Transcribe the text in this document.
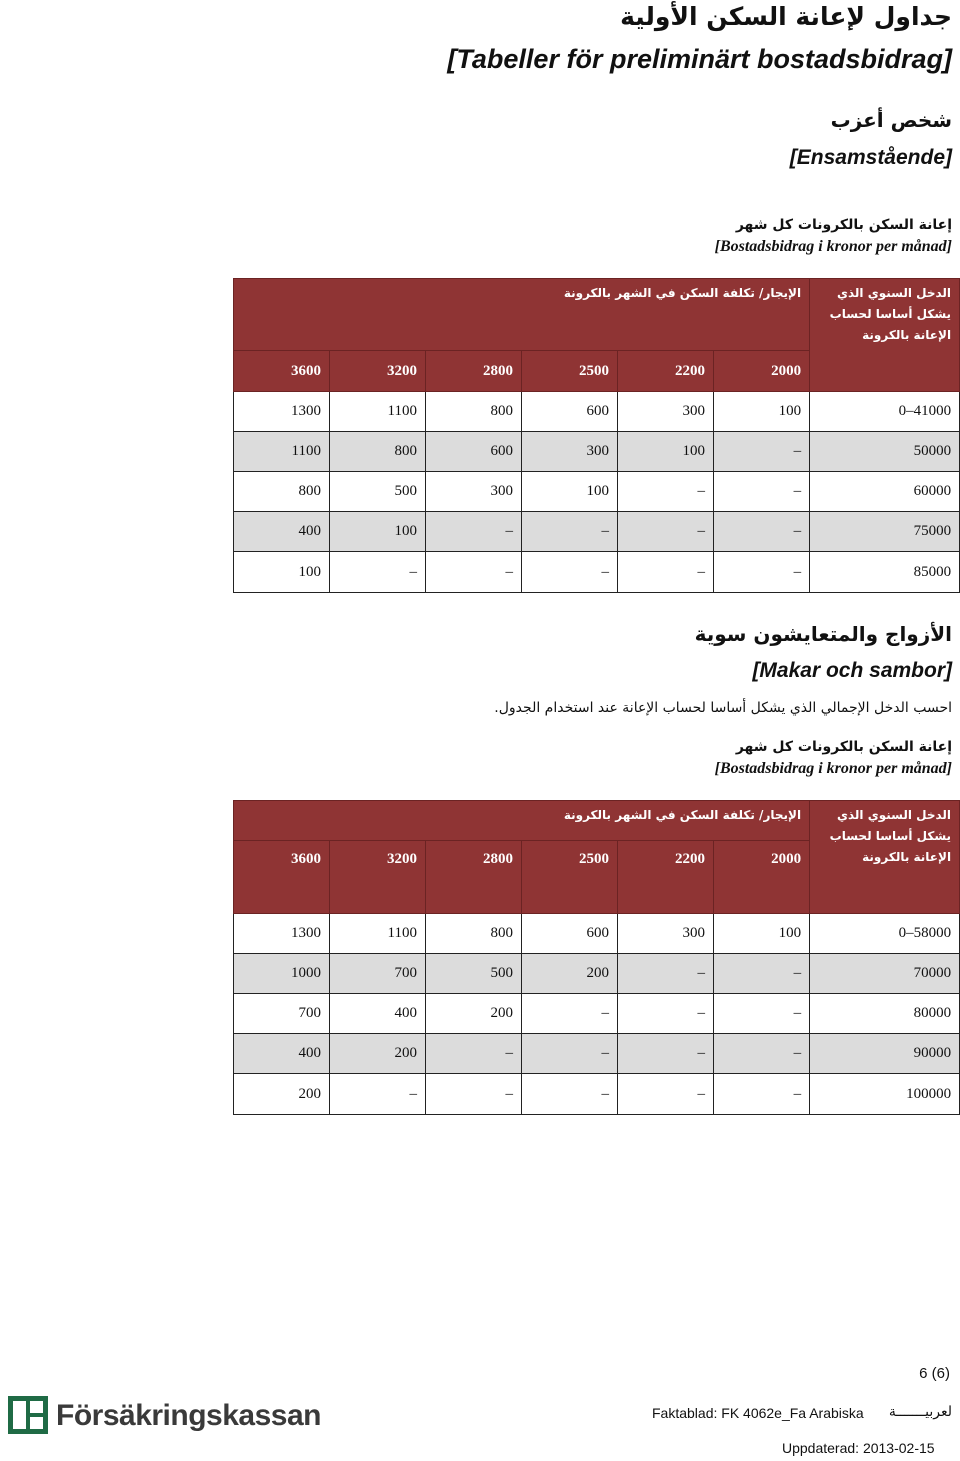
جداول لإعانة السكن الأولية
[Tabeller för preliminärt bostadsbidrag]
شخص أعزب
[Ensamstående]
إعانة السكن بالكرونات كل شهر
[Bostadsbidrag i kronor per månad]
الإيجار/ تكلفة السكن في الشهر بالكرونة						الدخل السنوي الذي يشكل أساسا لحساب الإعانة بالكرونة
3600	3200	2800	2500	2200	2000	
1300	1100	800	600	300	100	0–41000
1100	800	600	300	100	–	50000
800	500	300	100	–	–	60000
400	100	–	–	–	–	75000
100	–	–	–	–	–	85000
الأزواج والمتعايشون سوية
[Makar och sambor]
احسب الدخل الإجمالي الذي يشكل أساسا لحساب الإعانة عند استخدام الجدول.
إعانة السكن بالكرونات كل شهر
[Bostadsbidrag i kronor per månad]
الإيجار/ تكلفة السكن في الشهر بالكرونة						الدخل السنوي الذي يشكل أساسا لحساب الإعانة بالكرونة
3600	3200	2800	2500	2200	2000	
1300	1100	800	600	300	100	0–58000
1000	700	500	200	–	–	70000
700	400	200	–	–	–	80000
400	200	–	–	–	–	90000
200	–	–	–	–	–	100000
6 (6)
Försäkringskassan	Faktablad: FK 4062e_Fa Arabiska لعربيـــــــة
Uppdaterad: 2013-02-15
